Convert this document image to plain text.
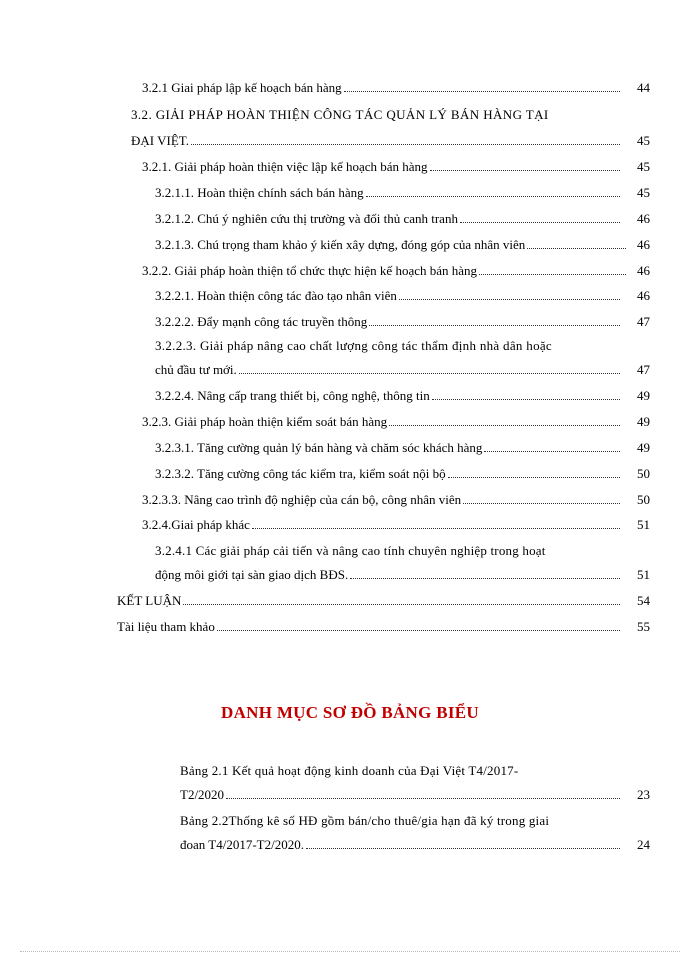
3.2.1 Giai pháp lập kế hoạch bán hàng	44
3.2. GIẢI PHÁP HOÀN THIỆN CÔNG TÁC QUẢN LÝ BÁN HÀNG TẠI
ĐẠI VIỆT.	45
3.2.1. Giải pháp hoàn thiện việc lập kế hoạch bán hàng	45
3.2.1.1. Hoàn thiện chính sách bán hàng	45
3.2.1.2. Chú ý nghiên cứu thị trường và đối thủ canh tranh	46
3.2.1.3. Chú trọng tham khảo ý kiến xây dựng, đóng góp của nhân viên	46
3.2.2. Giải pháp hoàn thiện tổ chức thực hiện kế hoạch bán hàng	46
3.2.2.1. Hoàn thiện công tác đào tạo nhân viên	46
3.2.2.2. Đẩy mạnh công tác truyền thông	47
3.2.2.3. Giải pháp nâng cao chất lượng công tác thẩm định nhà dân hoặc
chủ đầu tư mới.	47
3.2.2.4. Nâng cấp trang thiết bị, công nghệ, thông tin	49
3.2.3. Giải pháp hoàn thiện kiểm soát bán hàng	49
3.2.3.1. Tăng cường quản lý bán hàng và chăm sóc khách hàng	49
3.2.3.2. Tăng cường công tác kiểm tra, kiểm soát nội bộ	50
3.2.3.3. Nâng cao trình độ nghiệp của cán bộ, công nhân viên	50
3.2.4.Giai pháp khác	51
3.2.4.1 Các giải pháp cải tiến và nâng cao tính chuyên nghiệp trong hoạt
động môi giới tại sàn giao dịch BĐS.	51
KẾT LUẬN	54
Tài liệu tham khảo	55
DANH MỤC SƠ ĐỒ BẢNG BIỂU
Bảng 2.1 Kết quả hoạt động kinh doanh của Đại Việt T4/2017-
T2/2020	23
Bảng 2.2Thống kê số HĐ gồm bán/cho thuê/gia hạn đã ký trong giai
đoan T4/2017-T2/2020.	24
